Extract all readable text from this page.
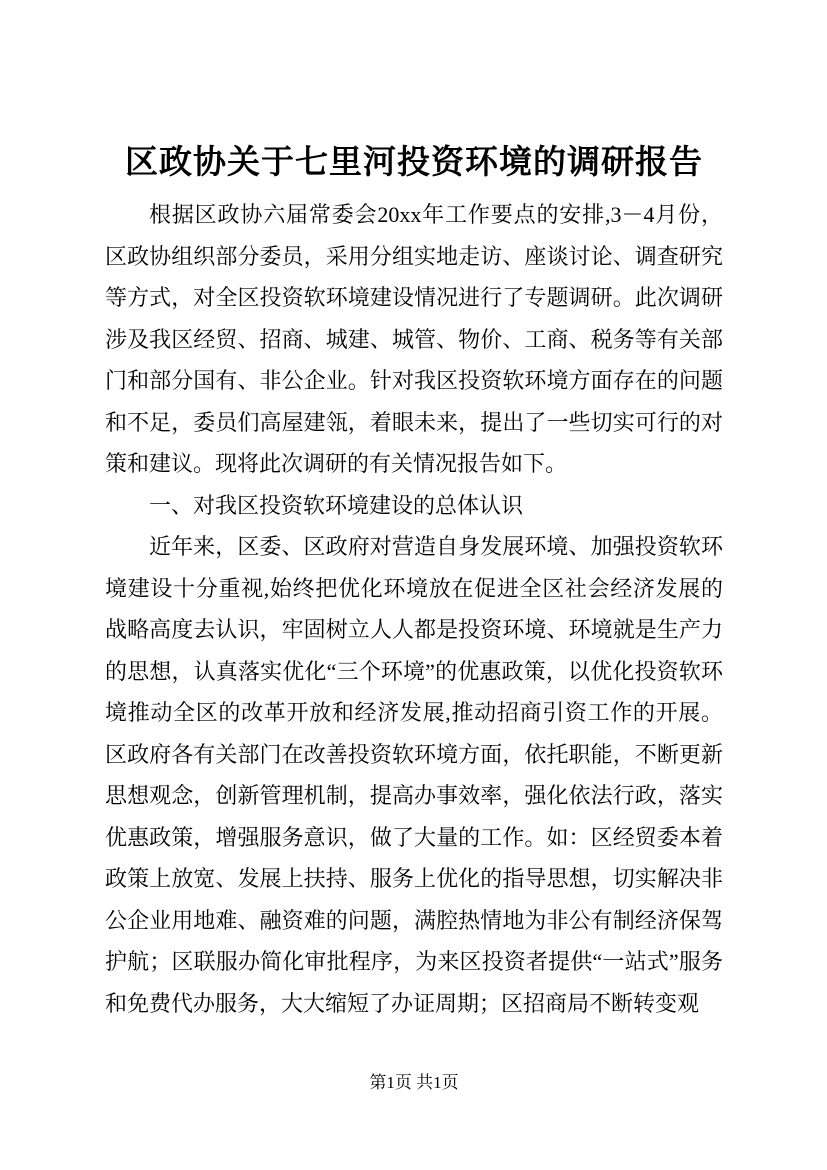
区政协关于七里河投资环境的调研报告

根据区政协六届常委会20xx年工作要点的安排,3－4月份，区政协组织部分委员，采用分组实地走访、座谈讨论、调查研究等方式，对全区投资软环境建设情况进行了专题调研。此次调研涉及我区经贸、招商、城建、城管、物价、工商、税务等有关部门和部分国有、非公企业。针对我区投资软环境方面存在的问题和不足，委员们高屋建瓴，着眼未来，提出了一些切实可行的对策和建议。现将此次调研的有关情况报告如下。

一、对我区投资软环境建设的总体认识

近年来，区委、区政府对营造自身发展环境、加强投资软环境建设十分重视,始终把优化环境放在促进全区社会经济发展的战略高度去认识，牢固树立人人都是投资环境、环境就是生产力的思想，认真落实优化“三个环境”的优惠政策，以优化投资软环境推动全区的改革开放和经济发展,推动招商引资工作的开展。区政府各有关部门在改善投资软环境方面，依托职能，不断更新思想观念，创新管理机制，提高办事效率，强化依法行政，落实优惠政策，增强服务意识，做了大量的工作。如：区经贸委本着政策上放宽、发展上扶持、服务上优化的指导思想，切实解决非公企业用地难、融资难的问题，满腔热情地为非公有制经济保驾护航；区联服办简化审批程序，为来区投资者提供“一站式”服务和免费代办服务，大大缩短了办证周期；区招商局不断转变观

第1页 共1页
